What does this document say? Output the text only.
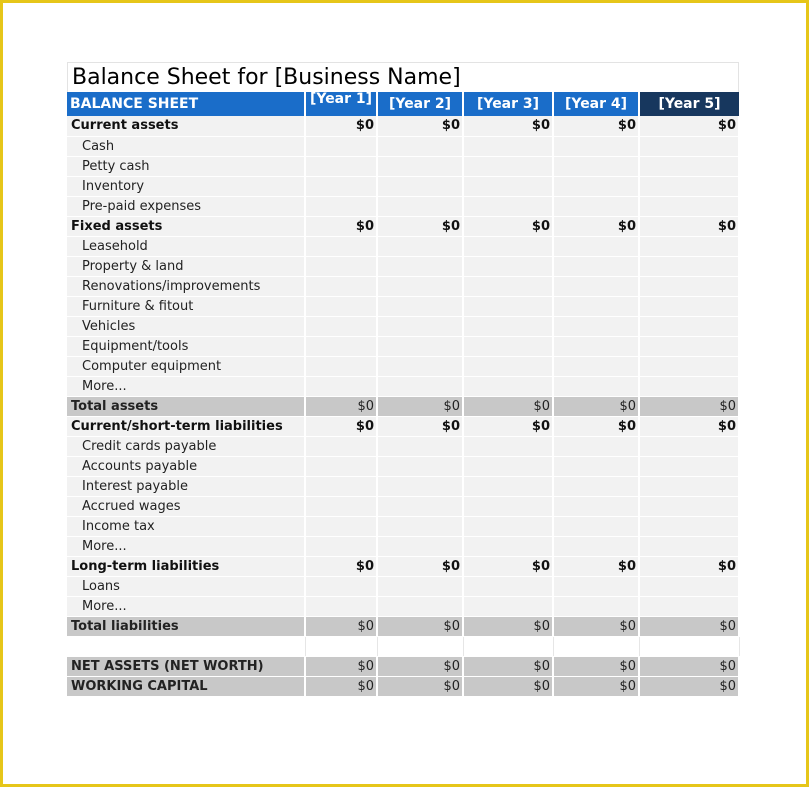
Balance Sheet for [Business Name]
BALANCE SHEET	[Year 1]	[Year 2]	[Year 3]	[Year 4]	[Year 5]
Current assets	$0	$0	$0	$0	$0
Cash					
Petty cash					
Inventory					
Pre-paid expenses					
Fixed assets	$0	$0	$0	$0	$0
Leasehold					
Property & land					
Renovations/improvements					
Furniture & fitout					
Vehicles					
Equipment/tools					
Computer equipment					
More...					
Total assets	$0	$0	$0	$0	$0
Current/short-term liabilities	$0	$0	$0	$0	$0
Credit cards payable					
Accounts payable					
Interest payable					
Accrued wages					
Income tax					
More...					
Long-term liabilities	$0	$0	$0	$0	$0
Loans					
More...					
Total liabilities	$0	$0	$0	$0	$0

NET ASSETS (NET WORTH)	$0	$0	$0	$0	$0
WORKING CAPITAL	$0	$0	$0	$0	$0
